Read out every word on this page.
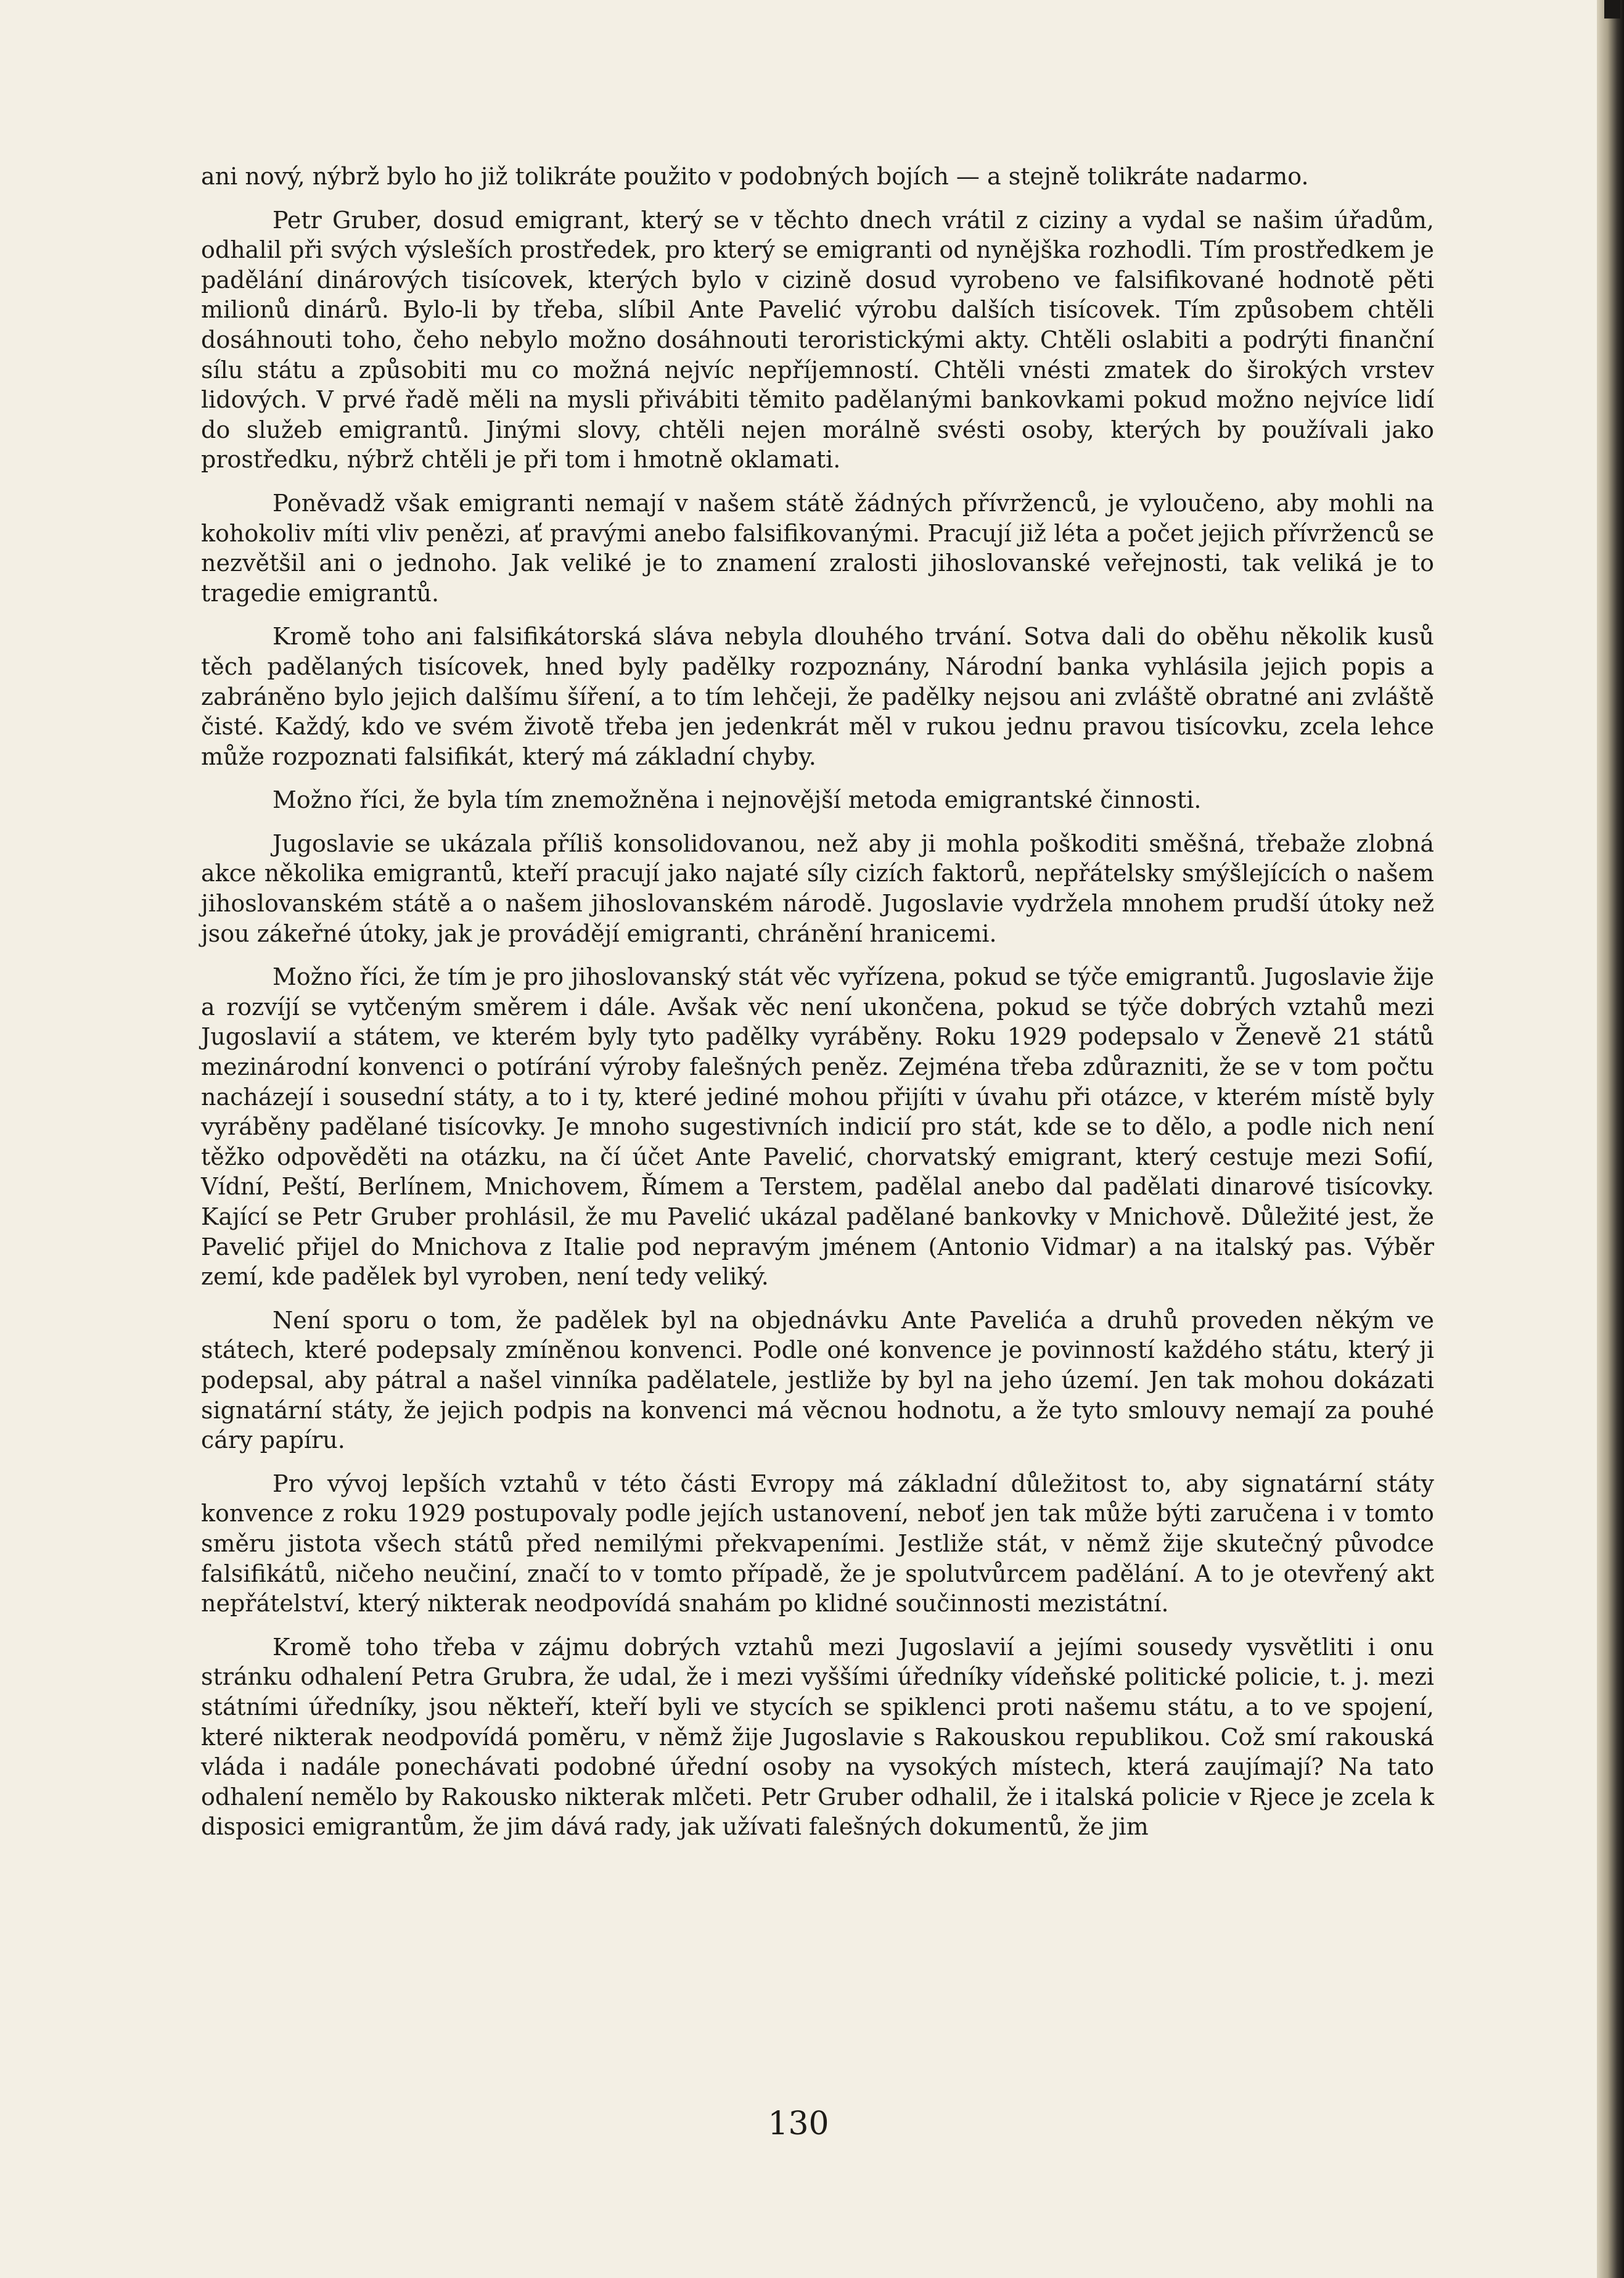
ani nový, nýbrž bylo ho již tolikráte použito v podobných bojích — a stejně tolikráte nadarmo.

Petr Gruber, dosud emigrant, který se v těchto dnech vrátil z ciziny a vydal se našim úřadům, odhalil při svých výsleších prostředek, pro který se emigranti od nynějška rozhodli. Tím prostředkem je padělání dinárových tisícovek, kterých bylo v cizině dosud vyrobeno ve falsifikované hodnotě pěti milionů dinárů. Bylo-li by třeba, slíbil Ante Pavelić výrobu dalších tisícovek. Tím způsobem chtěli dosáhnouti toho, čeho nebylo možno dosáhnouti teroristickými akty. Chtěli oslabiti a podrýti finanční sílu státu a způsobiti mu co možná nejvíc nepříjemností. Chtěli vnésti zmatek do širokých vrstev lidových. V prvé řadě měli na mysli přivábiti těmito padělanými bankovkami pokud možno nejvíce lidí do služeb emigrantů. Jinými slovy, chtěli nejen morálně svésti osoby, kterých by používali jako prostředku, nýbrž chtěli je při tom i hmotně oklamati.

Poněvadž však emigranti nemají v našem státě žádných přívrženců, je vyloučeno, aby mohli na kohokoliv míti vliv penězi, ať pravými anebo falsifikovanými. Pracují již léta a počet jejich přívrženců se nezvětšil ani o jednoho. Jak veliké je to znamení zralosti jihoslovanské veřejnosti, tak veliká je to tragedie emigrantů.

Kromě toho ani falsifikátorská sláva nebyla dlouhého trvání. Sotva dali do oběhu několik kusů těch padělaných tisícovek, hned byly padělky rozpoznány, Národní banka vyhlásila jejich popis a zabráněno bylo jejich dalšímu šíření, a to tím lehčeji, že padělky nejsou ani zvláště obratné ani zvláště čisté. Každý, kdo ve svém životě třeba jen jedenkrát měl v rukou jednu pravou tisícovku, zcela lehce může rozpoznati falsifikát, který má základní chyby.

Možno říci, že byla tím znemožněna i nejnovější metoda emigrantské činnosti.

Jugoslavie se ukázala příliš konsolidovanou, než aby ji mohla poškoditi směšná, třebaže zlobná akce několika emigrantů, kteří pracují jako najaté síly cizích faktorů, nepřátelsky smýšlejících o našem jihoslovanském státě a o našem jihoslovanském národě. Jugoslavie vydržela mnohem prudší útoky než jsou zákeřné útoky, jak je provádějí emigranti, chránění hranicemi.

Možno říci, že tím je pro jihoslovanský stát věc vyřízena, pokud se týče emigrantů. Jugoslavie žije a rozvíjí se vytčeným směrem i dále. Avšak věc není ukončena, pokud se týče dobrých vztahů mezi Jugoslavií a státem, ve kterém byly tyto padělky vyráběny. Roku 1929 podepsalo v Ženevě 21 států mezinárodní konvenci o potírání výroby falešných peněz. Zejména třeba zdůrazniti, že se v tom počtu nacházejí i sousední státy, a to i ty, které jediné mohou přijíti v úvahu při otázce, v kterém místě byly vyráběny padělané tisícovky. Je mnoho sugestivních indicií pro stát, kde se to dělo, a podle nich není těžko odpověděti na otázku, na čí účet Ante Pavelić, chorvatský emigrant, který cestuje mezi Sofií, Vídní, Peští, Berlínem, Mnichovem, Římem a Terstem, padělal anebo dal padělati dinarové tisícovky. Kající se Petr Gruber prohlásil, že mu Pavelić ukázal padělané bankovky v Mnichově. Důležité jest, že Pavelić přijel do Mnichova z Italie pod nepravým jménem (Antonio Vidmar) a na italský pas. Výběr zemí, kde padělek byl vyroben, není tedy veliký.

Není sporu o tom, že padělek byl na objednávku Ante Pavelića a druhů proveden někým ve státech, které podepsaly zmíněnou konvenci. Podle oné konvence je povinností každého státu, který ji podepsal, aby pátral a našel vinníka padělatele, jestliže by byl na jeho území. Jen tak mohou dokázati signatární státy, že jejich podpis na konvenci má věcnou hodnotu, a že tyto smlouvy nemají za pouhé cáry papíru.

Pro vývoj lepších vztahů v této části Evropy má základní důležitost to, aby signatární státy konvence z roku 1929 postupovaly podle jejích ustanovení, neboť jen tak může býti zaručena i v tomto směru jistota všech států před nemilými překvapeními. Jestliže stát, v němž žije skutečný původce falsifikátů, ničeho neučiní, značí to v tomto případě, že je spolutvůrcem padělání. A to je otevřený akt nepřátelství, který nikterak neodpovídá snahám po klidné součinnosti mezistátní.

Kromě toho třeba v zájmu dobrých vztahů mezi Jugoslavií a jejími sousedy vysvětliti i onu stránku odhalení Petra Grubra, že udal, že i mezi vyššími úředníky vídeňské politické policie, t. j. mezi státními úředníky, jsou někteří, kteří byli ve stycích se spiklenci proti našemu státu, a to ve spojení, které nikterak neodpovídá poměru, v němž žije Jugoslavie s Rakouskou republikou. Což smí rakouská vláda i nadále ponechávati podobné úřední osoby na vysokých místech, která zaujímají? Na tato odhalení nemělo by Rakousko nikterak mlčeti. Petr Gruber odhalil, že i italská policie v Rjece je zcela k disposici emigrantům, že jim dává rady, jak užívati falešných dokumentů, že jim

130
